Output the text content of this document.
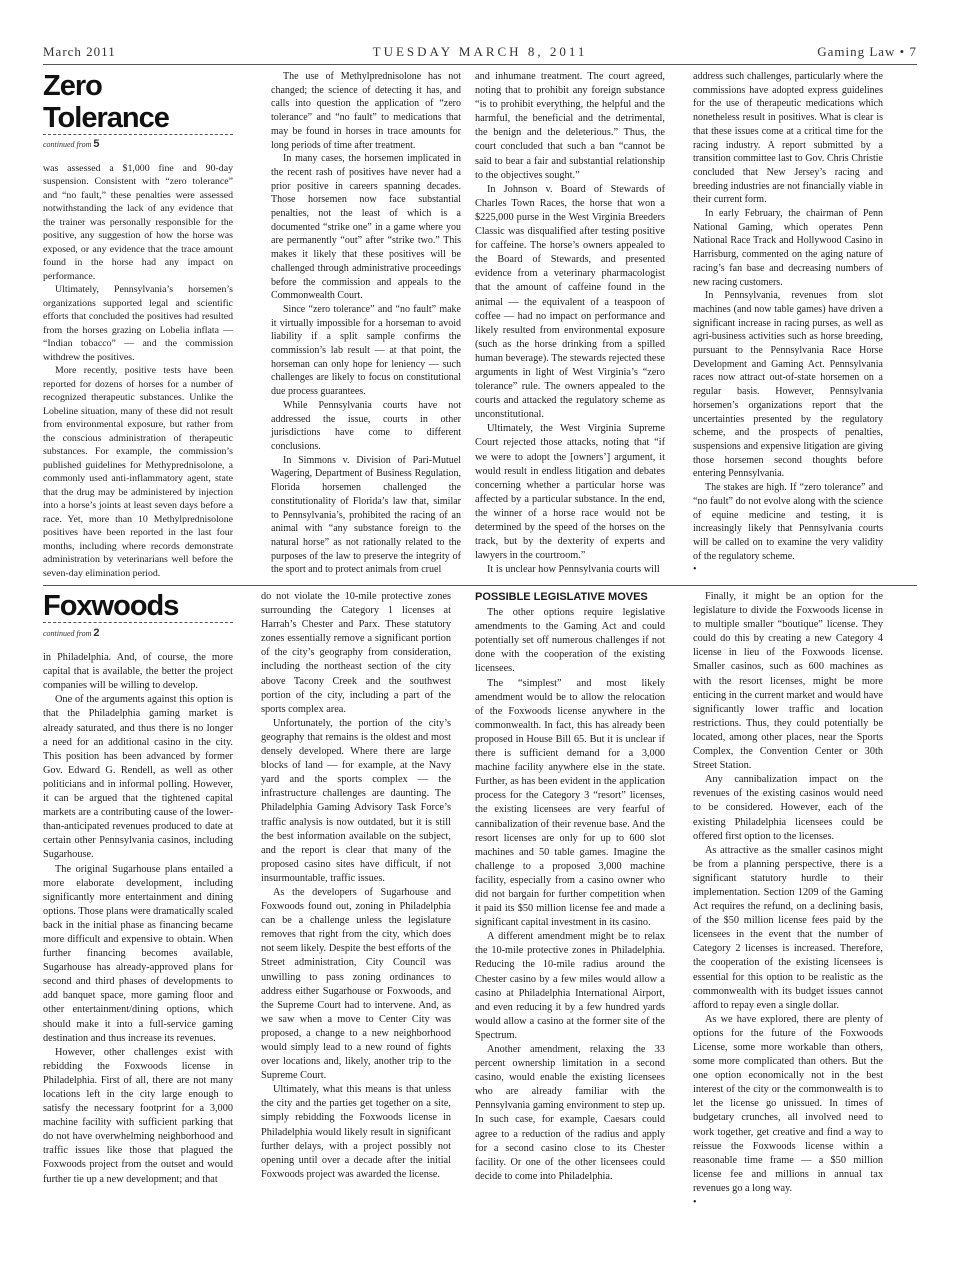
TUESDAY MARCH 8, 2011
March 2011	Gaming Law • 7
Zero Tolerance
continued from 5

was assessed a $1,000 fine and 90-day suspension. Consistent with “zero tolerance” and “no fault,” these penalties were assessed notwithstanding the lack of any evidence that the trainer was personally responsible for the positive, any suggestion of how the horse was exposed, or any evidence that the trace amount found in the horse had any impact on performance.

Ultimately, Pennsylvania’s horsemen’s organizations supported legal and scientific efforts that concluded the positives had resulted from the horses grazing on Lobelia inflata — “Indian tobacco” — and the commission withdrew the positives.

More recently, positive tests have been reported for dozens of horses for a number of recognized therapeutic substances. Unlike the Lobeline situation, many of these did not result from environmental exposure, but rather from the conscious administration of therapeutic substances. For example, the commission’s published guidelines for Methyprednisolone, a commonly used anti-inflammatory agent, state that the drug may be administered by injection into a horse’s joints at least seven days before a race. Yet, more than 10 Methylprednisolone positives have been reported in the last four months, including where records demonstrate administration by veterinarians well before the seven-day elimination period.

The use of Methylprednisolone has not changed; the science of detecting it has, and calls into question the application of “zero tolerance” and “no fault” to medications that may be found in horses in trace amounts for long periods of time after treatment.

In many cases, the horsemen implicated in the recent rash of positives have never had a prior positive in careers spanning decades. Those horsemen now face substantial penalties, not the least of which is a documented “strike one” in a game where you are permanently “out” after “strike two.” This makes it likely that these positives will be challenged through administrative proceedings before the commission and appeals to the Commonwealth Court.

Since “zero tolerance” and “no fault” make it virtually impossible for a horseman to avoid liability if a split sample confirms the commission’s lab result — at that point, the horseman can only hope for leniency — such challenges are likely to focus on constitutional due process guarantees.

While Pennsylvania courts have not addressed the issue, courts in other jurisdictions have come to different conclusions.

In Simmons v. Division of Pari-Mutuel Wagering, Department of Business Regulation, Florida horsemen challenged the constitutionality of Florida’s law that, similar to Pennsylvania’s, prohibited the racing of an animal with “any substance foreign to the natural horse” as not rationally related to the purposes of the law to preserve the integrity of the sport and to protect animals from cruel

and inhumane treatment. The court agreed, noting that to prohibit any foreign substance “is to prohibit everything, the helpful and the harmful, the beneficial and the detrimental, the benign and the deleterious.” Thus, the court concluded that such a ban “cannot be said to bear a fair and substantial relationship to the objectives sought.”

In Johnson v. Board of Stewards of Charles Town Races, the horse that won a $225,000 purse in the West Virginia Breeders Classic was disqualified after testing positive for caffeine. The horse’s owners appealed to the Board of Stewards, and presented evidence from a veterinary pharmacologist that the amount of caffeine found in the animal — the equivalent of a teaspoon of coffee — had no impact on performance and likely resulted from environmental exposure (such as the horse drinking from a spilled human beverage). The stewards rejected these arguments in light of West Virginia’s “zero tolerance” rule. The owners appealed to the courts and attacked the regulatory scheme as unconstitutional.

Ultimately, the West Virginia Supreme Court rejected those attacks, noting that “if we were to adopt the [owners’] argument, it would result in endless litigation and debates concerning whether a particular horse was affected by a particular substance. In the end, the winner of a horse race would not be determined by the speed of the horses on the track, but by the dexterity of experts and lawyers in the courtroom.”

It is unclear how Pennsylvania courts will

address such challenges, particularly where the commissions have adopted express guidelines for the use of therapeutic medications which nonetheless result in positives. What is clear is that these issues come at a critical time for the racing industry. A report submitted by a transition committee last to Gov. Chris Christie concluded that New Jersey’s racing and breeding industries are not financially viable in their current form.

In early February, the chairman of Penn National Gaming, which operates Penn National Race Track and Hollywood Casino in Harrisburg, commented on the aging nature of racing’s fan base and decreasing numbers of new racing customers.

In Pennsylvania, revenues from slot machines (and now table games) have driven a significant increase in racing purses, as well as agri-business activities such as horse breeding, pursuant to the Pennsylvania Race Horse Development and Gaming Act. Pennsylvania races now attract out-of-state horsemen on a regular basis. However, Pennsylvania horsemen’s organizations report that the uncertainties presented by the regulatory scheme, and the prospects of penalties, suspensions and expensive litigation are giving those horsemen second thoughts before entering Pennsylvania.

The stakes are high. If “zero tolerance” and “no fault” do not evolve along with the science of equine medicine and testing, it is increasingly likely that Pennsylvania courts will be called on to examine the very validity of the regulatory scheme.

•
Foxwoods
continued from 2

in Philadelphia. And, of course, the more capital that is available, the better the project companies will be willing to develop.

One of the arguments against this option is that the Philadelphia gaming market is already saturated, and thus there is no longer a need for an additional casino in the city. This position has been advanced by former Gov. Edward G. Rendell, as well as other politicians and in informal polling. However, it can be argued that the tightened capital markets are a contributing cause of the lower-than-anticipated revenues produced to date at certain other Pennsylvania casinos, including Sugarhouse.

The original Sugarhouse plans entailed a more elaborate development, including significantly more entertainment and dining options. Those plans were dramatically scaled back in the initial phase as financing became more difficult and expensive to obtain. When further financing becomes available, Sugarhouse has already-approved plans for second and third phases of developments to add banquet space, more gaming floor and other entertainment/dining options, which should make it into a full-service gaming destination and thus increase its revenues.

However, other challenges exist with rebidding the Foxwoods license in Philadelphia. First of all, there are not many locations left in the city large enough to satisfy the necessary footprint for a 3,000 machine facility with sufficient parking that do not have overwhelming neighborhood and traffic issues like those that plagued the Foxwoods project from the outset and would further tie up a new development; and that

do not violate the 10-mile protective zones surrounding the Category 1 licenses at Harrah’s Chester and Parx. These statutory zones essentially remove a significant portion of the city’s geography from consideration, including the northeast section of the city above Tacony Creek and the southwest portion of the city, including a part of the sports complex area.

Unfortunately, the portion of the city’s geography that remains is the oldest and most densely developed. Where there are large blocks of land — for example, at the Navy yard and the sports complex — the infrastructure challenges are daunting. The Philadelphia Gaming Advisory Task Force’s traffic analysis is now outdated, but it is still the best information available on the subject, and the report is clear that many of the proposed casino sites have difficult, if not insurmountable, traffic issues.

As the developers of Sugarhouse and Foxwoods found out, zoning in Philadelphia can be a challenge unless the legislature removes that right from the city, which does not seem likely. Despite the best efforts of the Street administration, City Council was unwilling to pass zoning ordinances to address either Sugarhouse or Foxwoods, and the Supreme Court had to intervene. And, as we saw when a move to Center City was proposed, a change to a new neighborhood would simply lead to a new round of fights over locations and, likely, another trip to the Supreme Court.

Ultimately, what this means is that unless the city and the parties get together on a site, simply rebidding the Foxwoods license in Philadelphia would likely result in significant further delays, with a project possibly not opening until over a decade after the initial Foxwoods project was awarded the license.

POSSIBLE LEGISLATIVE MOVES

The other options require legislative amendments to the Gaming Act and could potentially set off numerous challenges if not done with the cooperation of the existing licensees.

The “simplest” and most likely amendment would be to allow the relocation of the Foxwoods license anywhere in the commonwealth. In fact, this has already been proposed in House Bill 65. But it is unclear if there is sufficient demand for a 3,000 machine facility anywhere else in the state. Further, as has been evident in the application process for the Category 3 “resort” licenses, the existing licensees are very fearful of cannibalization of their revenue base. And the resort licenses are only for up to 600 slot machines and 50 table games. Imagine the challenge to a proposed 3,000 machine facility, especially from a casino owner who did not bargain for further competition when it paid its $50 million license fee and made a significant capital investment in its casino.

A different amendment might be to relax the 10-mile protective zones in Philadelphia. Reducing the 10-mile radius around the Chester casino by a few miles would allow a casino at Philadelphia International Airport, and even reducing it by a few hundred yards would allow a casino at the former site of the Spectrum.

Another amendment, relaxing the 33 percent ownership limitation in a second casino, would enable the existing licensees who are already familiar with the Pennsylvania gaming environment to step up. In such case, for example, Caesars could agree to a reduction of the radius and apply for a second casino close to its Chester facility. Or one of the other licensees could decide to come into Philadelphia.

Finally, it might be an option for the legislature to divide the Foxwoods license in to multiple smaller “boutique” license. They could do this by creating a new Category 4 license in lieu of the Foxwoods license. Smaller casinos, such as 600 machines as with the resort licenses, might be more enticing in the current market and would have significantly lower traffic and location restrictions. Thus, they could potentially be located, among other places, near the Sports Complex, the Convention Center or 30th Street Station.

Any cannibalization impact on the revenues of the existing casinos would need to be considered. However, each of the existing Philadelphia licensees could be offered first option to the licenses.

As attractive as the smaller casinos might be from a planning perspective, there is a significant statutory hurdle to their implementation. Section 1209 of the Gaming Act requires the refund, on a declining basis, of the $50 million license fees paid by the licensees in the event that the number of Category 2 licenses is increased. Therefore, the cooperation of the existing licensees is essential for this option to be realistic as the commonwealth with its budget issues cannot afford to repay even a single dollar.

As we have explored, there are plenty of options for the future of the Foxwoods License, some more workable than others, some more complicated than others. But the one option economically not in the best interest of the city or the commonwealth is to let the license go unissued. In times of budgetary crunches, all involved need to work together, get creative and find a way to reissue the Foxwoods license within a reasonable time frame — a $50 million license fee and millions in annual tax revenues go a long way.

•
